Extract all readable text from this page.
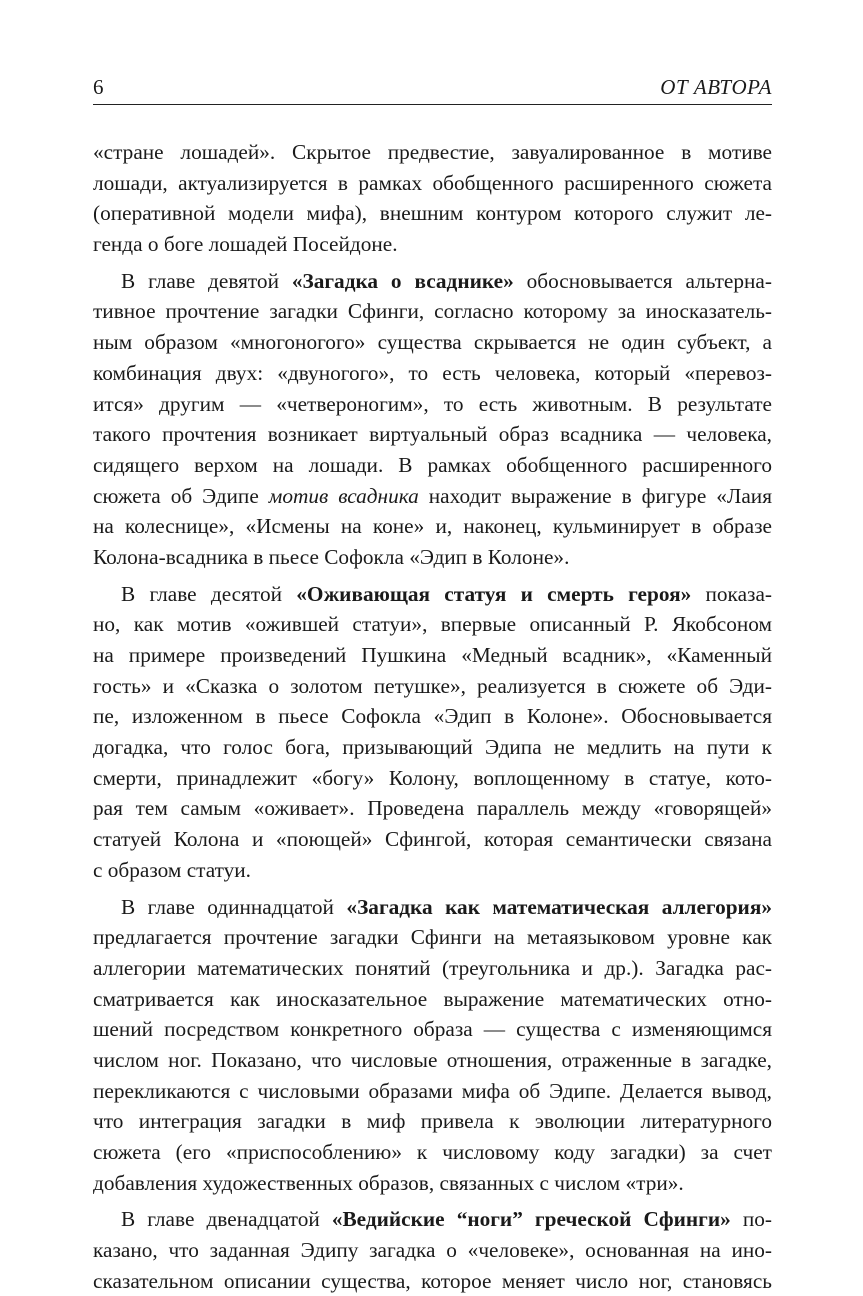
6	ОТ АВТОРА
«стране лошадей». Скрытое предвестие, завуалированное в мотиве
лошади, актуализируется в рамках обобщенного расширенного сюжета
(оперативной модели мифа), внешним контуром которого служит ле-
генда о боге лошадей Посейдоне.
В главе девятой «Загадка о всаднике» обосновывается альтерна-
тивное прочтение загадки Сфинги, согласно которому за иносказатель-
ным образом «многоногого» существа скрывается не один субъект, а
комбинация двух: «двуногого», то есть человека, который «перевоз-
ится» другим — «четвероногим», то есть животным. В результате
такого прочтения возникает виртуальный образ всадника — человека,
сидящего верхом на лошади. В рамках обобщенного расширенного
сюжета об Эдипе мотив всадника находит выражение в фигуре «Лаия
на колеснице», «Исмены на коне» и, наконец, кульминирует в образе
Колона-всадника в пьесе Софокла «Эдип в Колоне».
В главе десятой «Оживающая статуя и смерть героя» показа-
но, как мотив «ожившей статуи», впервые описанный Р. Якобсоном
на примере произведений Пушкина «Медный всадник», «Каменный
гость» и «Сказка о золотом петушке», реализуется в сюжете об Эди-
пе, изложенном в пьесе Софокла «Эдип в Колоне». Обосновывается
догадка, что голос бога, призывающий Эдипа не медлить на пути к
смерти, принадлежит «богу» Колону, воплощенному в статуе, кото-
рая тем самым «оживает». Проведена параллель между «говорящей»
статуей Колона и «поющей» Сфингой, которая семантически связана
с образом статуи.
В главе одиннадцатой «Загадка как математическая аллегория»
предлагается прочтение загадки Сфинги на метаязыковом уровне как
аллегории математических понятий (треугольника и др.). Загадка рас-
сматривается как иносказательное выражение математических отно-
шений посредством конкретного образа — существа с изменяющимся
числом ног. Показано, что числовые отношения, отраженные в загадке,
перекликаются с числовыми образами мифа об Эдипе. Делается вывод,
что интеграция загадки в миф привела к эволюции литературного
сюжета (его «приспособлению» к числовому коду загадки) за счет
добавления художественных образов, связанных с числом «три».
В главе двенадцатой «Ведийские “ноги” греческой Сфинги» по-
казано, что заданная Эдипу загадка о «человеке», основанная на ино-
сказательном описании существа, которое меняет число ног, становясь
